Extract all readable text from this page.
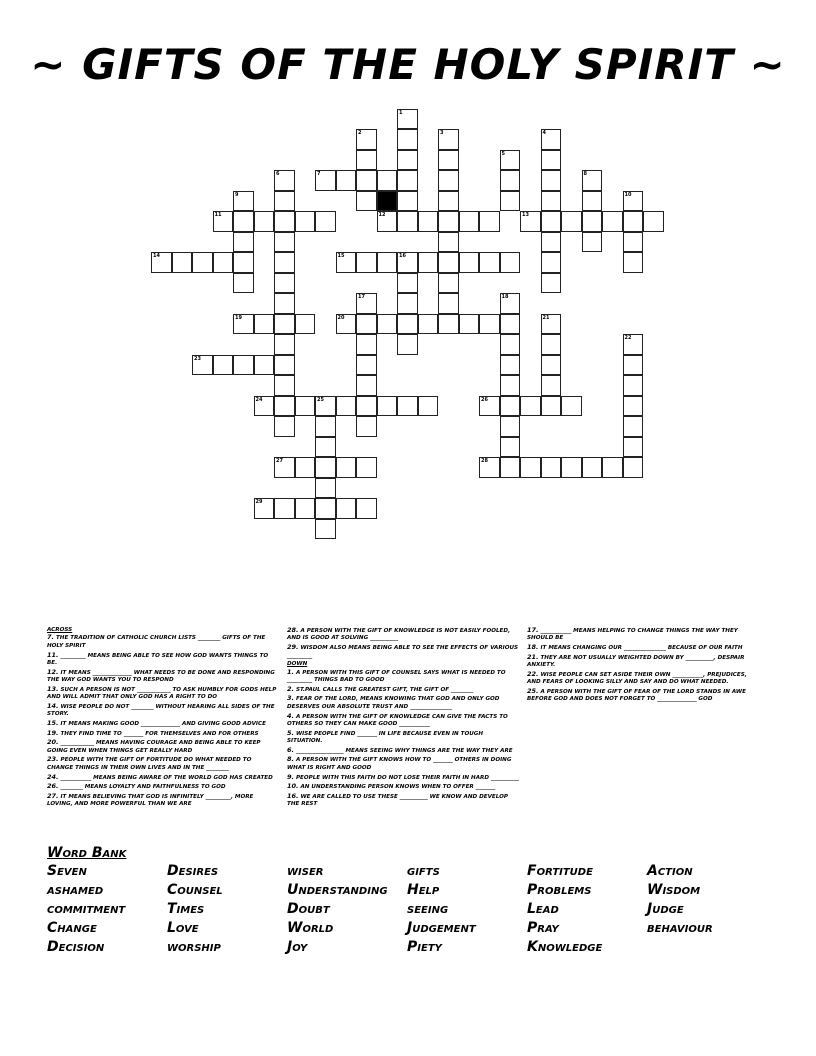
~ GIFTS OF THE HOLY SPIRIT ~
1
2	3	4
5
6	7	8
9	10
11	12	13
14	15	16
17	18
19	20	21
22
23
24	25	26
27	28
29
ACROSS
7. THE TRADITION OF CATHOLIC CHURCH LISTS ________ GIFTS OF THE HOLY SPIRIT
11. _________ MEANS BEING ABLE TO SEE HOW GOD WANTS THINGS TO BE.
12. IT MEANS ______________ WHAT NEEDS TO BE DONE AND RESPONDING THE WAY GOD WANTS YOU TO RESPOND
13. SUCH A PERSON IS NOT ____________ TO ASK HUMBLY FOR GODS HELP AND WILL ADMIT THAT ONLY GOD HAS A RIGHT TO DO
14. WISE PEOPLE DO NOT ________ WITHOUT HEARING ALL SIDES OF THE STORY.
15. IT MEANS MAKING GOOD ______________ AND GIVING GOOD ADVICE
19. THEY FIND TIME TO _______ FOR THEMSELVES AND FOR OTHERS
20. ____________ MEANS HAVING COURAGE AND BEING ABLE TO KEEP GOING EVEN WHEN THINGS GET REALLY HARD
23. PEOPLE WITH THE GIFT OF FORTITUDE DO WHAT NEEDED TO CHANGE THINGS IN THEIR OWN LIVES AND IN THE ________
24. ___________ MEANS BEING AWARE OF THE WORLD GOD HAS CREATED
26. ________ MEANS LOYALTY AND FAITHFULNESS TO GOD
27. IT MEANS BELIEVING THAT GOD IS INFINITELY _________, MORE LOVING, AND MORE POWERFUL THAN WE ARE
28. A PERSON WITH THE GIFT OF KNOWLEDGE IS NOT EASILY FOOLED, AND IS GOOD AT SOLVING __________
29. WISDOM ALSO MEANS BEING ABLE TO SEE THE EFFECTS OF VARIOUS _________
DOWN
1. A PERSON WITH THIS GIFT OF COUNSEL SAYS WHAT IS NEEDED TO _________ THINGS BAD TO GOOD
2. ST.PAUL CALLS THE GREATEST GIFT, THE GIFT OF ________
3. FEAR OF THE LORD, MEANS KNOWING THAT GOD AND ONLY GOD DESERVES OUR ABSOLUTE TRUST AND _______________
4. A PERSON WITH THE GIFT OF KNOWLEDGE CAN GIVE THE FACTS TO OTHERS SO THEY CAN MAKE GOOD ___________
5. WISE PEOPLE FIND _______ IN LIFE BECAUSE EVEN IN TOUGH SITUATION.
6. _________________ MEANS SEEING WHY THINGS ARE THE WAY THEY ARE
8. A PERSON WITH THE GIFT KNOWS HOW TO _______ OTHERS IN DOING WHAT IS RIGHT AND GOOD
9. PEOPLE WITH THIS FAITH DO NOT LOSE THEIR FAITH IN HARD __________
10. AN UNDERSTANDING PERSON KNOWS WHEN TO OFFER _______
16. WE ARE CALLED TO USE THESE __________ WE KNOW AND DEVELOP THE REST
17. ___________ MEANS HELPING TO CHANGE THINGS THE WAY THEY SHOULD BE
18. IT MEANS CHANGING OUR _______________ BECAUSE OF OUR FAITH
21. THEY ARE NOT USUALLY WEIGHTED DOWN BY __________, DESPAIR ANXIETY.
22. WISE PEOPLE CAN SET ASIDE THEIR OWN ___________, PREJUDICES, AND FEARS OF LOOKING SILLY AND SAY AND DO WHAT NEEDED.
25. A PERSON WITH THE GIFT OF FEAR OF THE LORD STANDS IN AWE BEFORE GOD AND DOES NOT FORGET TO ______________ GOD
Word Bank
Seven
ashamed
commitment
Change
Decision
Desires
Counsel
Times
Love
worship
wiser
Understanding
Doubt
World
Joy
gifts
Help
seeing
Judgement
Piety
Fortitude
Problems
Lead
Pray
Knowledge
Action
Wisdom
Judge
behaviour
